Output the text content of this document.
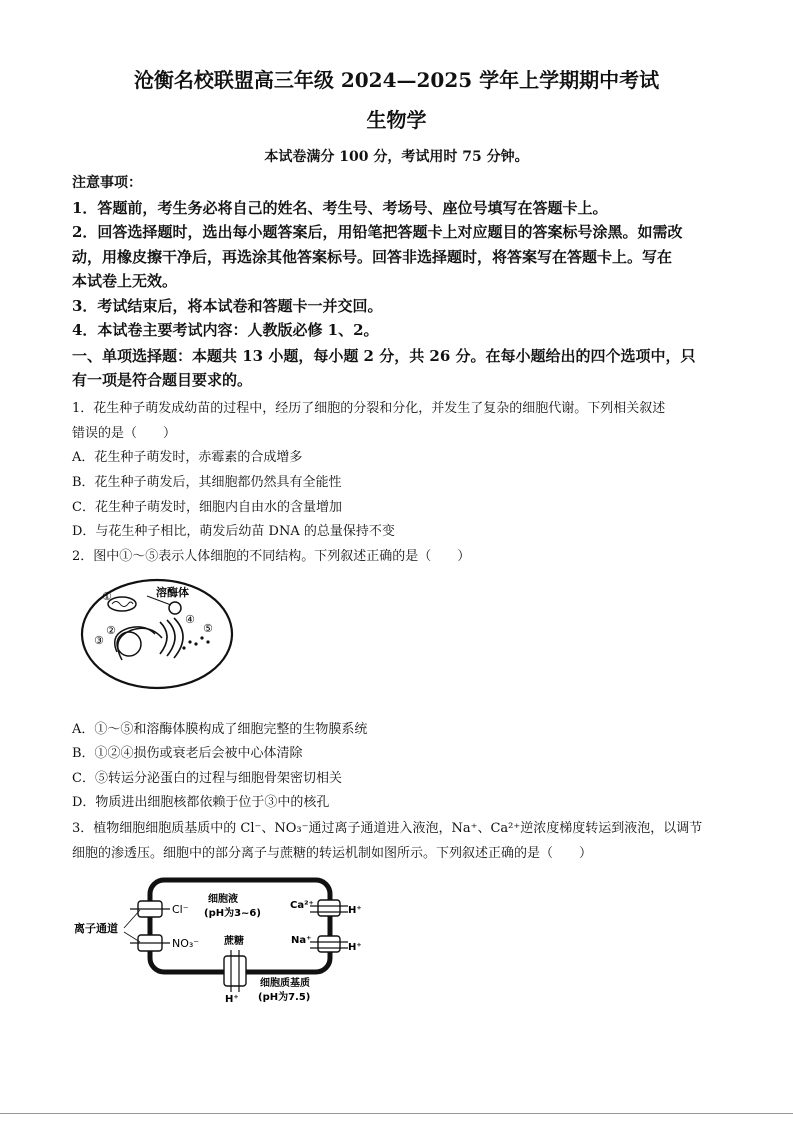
沧衡名校联盟高三年级 2024—2025 学年上学期期中考试
生物学
本试卷满分 100 分，考试用时 75 分钟。
注意事项：
1．答题前，考生务必将自己的姓名、考生号、考场号、座位号填写在答题卡上。
2．回答选择题时，选出每小题答案后，用铅笔把答题卡上对应题目的答案标号涂黑。如需改
动，用橡皮擦干净后，再选涂其他答案标号。回答非选择题时，将答案写在答题卡上。写在
本试卷上无效。
3．考试结束后，将本试卷和答题卡一并交回。
4．本试卷主要考试内容：人教版必修 1、2。
一、单项选择题：本题共 13 小题，每小题 2 分，共 26 分。在每小题给出的四个选项中，只
有一项是符合题目要求的。
1．花生种子萌发成幼苗的过程中，经历了细胞的分裂和分化，并发生了复杂的细胞代谢。下列相关叙述
错误的是（　　）
A．花生种子萌发时，赤霉素的合成增多
B．花生种子萌发后，其细胞都仍然具有全能性
C．花生种子萌发时，细胞内自由水的含量增加
D．与花生种子相比，萌发后幼苗 DNA 的总量保持不变
2．图中①～⑤表示人体细胞的不同结构。下列叙述正确的是（　　）
①	溶酶体
②
③
④
⑤
A．①～⑤和溶酶体膜构成了细胞完整的生物膜系统
B．①②④损伤或衰老后会被中心体清除
C．⑤转运分泌蛋白的过程与细胞骨架密切相关
D．物质进出细胞核都依赖于位于③中的核孔
3．植物细胞细胞质基质中的 Cl⁻、NO₃⁻通过离子通道进入液泡，Na⁺、Ca²⁺逆浓度梯度转运到液泡，以调节
细胞的渗透压。细胞中的部分离子与蔗糖的转运机制如图所示。下列叙述正确的是（　　）
细胞液
(pH为3~6)
离子通道
Cl⁻
NO₃⁻ 蔗糖
Ca²⁺	H⁺
Na⁺
H⁺
H⁺
细胞质基质
(pH为7.5)
